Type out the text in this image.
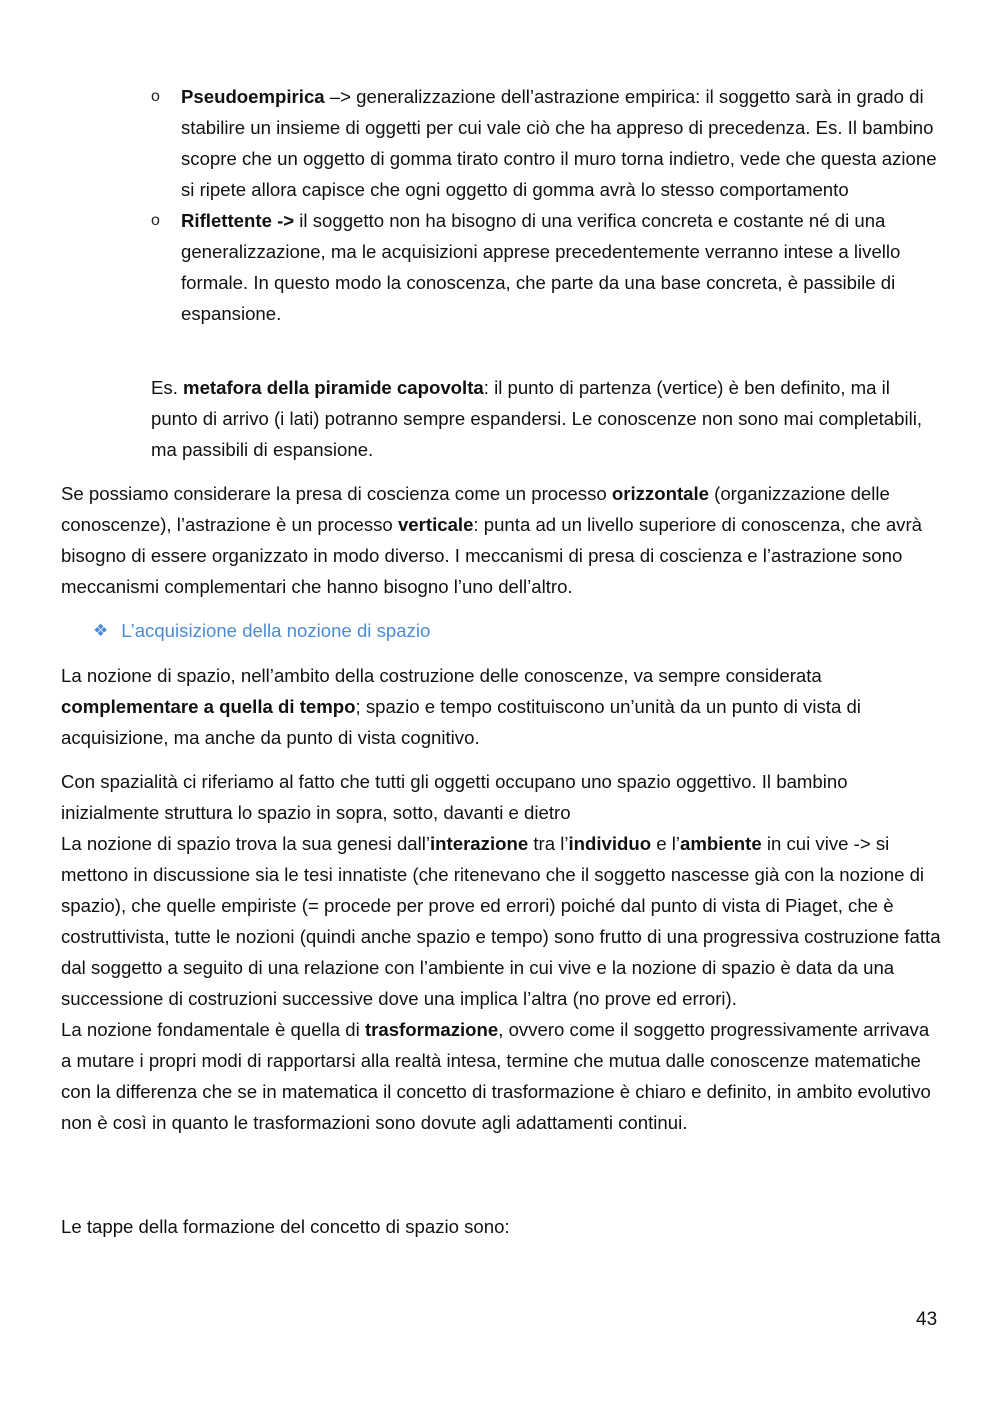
o Pseudoempirica –> generalizzazione dell’astrazione empirica: il soggetto sarà in grado di stabilire un insieme di oggetti per cui vale ciò che ha appreso di precedenza. Es. Il bambino scopre che un oggetto di gomma tirato contro il muro torna indietro, vede che questa azione si ripete allora capisce che ogni oggetto di gomma avrà lo stesso comportamento
o Riflettente -> il soggetto non ha bisogno di una verifica concreta e costante né di una generalizzazione, ma le acquisizioni apprese precedentemente verranno intese a livello formale. In questo modo la conoscenza, che parte da una base concreta, è passibile di espansione.

Es. metafora della piramide capovolta: il punto di partenza (vertice) è ben definito, ma il punto di arrivo (i lati) potranno sempre espandersi. Le conoscenze non sono mai completabili, ma passibili di espansione.

Se possiamo considerare la presa di coscienza come un processo orizzontale (organizzazione delle conoscenze), l’astrazione è un processo verticale: punta ad un livello superiore di conoscenza, che avrà bisogno di essere organizzato in modo diverso. I meccanismi di presa di coscienza e l’astrazione sono meccanismi complementari che hanno bisogno l’uno dell’altro.

❖ L’acquisizione della nozione di spazio

La nozione di spazio, nell’ambito della costruzione delle conoscenze, va sempre considerata complementare a quella di tempo; spazio e tempo costituiscono un’unità da un punto di vista di acquisizione, ma anche da punto di vista cognitivo.

Con spazialità ci riferiamo al fatto che tutti gli oggetti occupano uno spazio oggettivo. Il bambino inizialmente struttura lo spazio in sopra, sotto, davanti e dietro

La nozione di spazio trova la sua genesi dall’interazione tra l’individuo e l’ambiente in cui vive -> si mettono in discussione sia le tesi innatiste (che ritenevano che il soggetto nascesse già con la nozione di spazio), che quelle empiriste (= procede per prove ed errori) poiché dal punto di vista di Piaget, che è costruttivista, tutte le nozioni (quindi anche spazio e tempo) sono frutto di una progressiva costruzione fatta dal soggetto a seguito di una relazione con l’ambiente in cui vive e la nozione di spazio è data da una successione di costruzioni successive dove una implica l’altra (no prove ed errori).

La nozione fondamentale è quella di trasformazione, ovvero come il soggetto progressivamente arrivava a mutare i propri modi di rapportarsi alla realtà intesa, termine che mutua dalle conoscenze matematiche con la differenza che se in matematica il concetto di trasformazione è chiaro e definito, in ambito evolutivo non è così in quanto le trasformazioni sono dovute agli adattamenti continui.

Le tappe della formazione del concetto di spazio sono:

43
